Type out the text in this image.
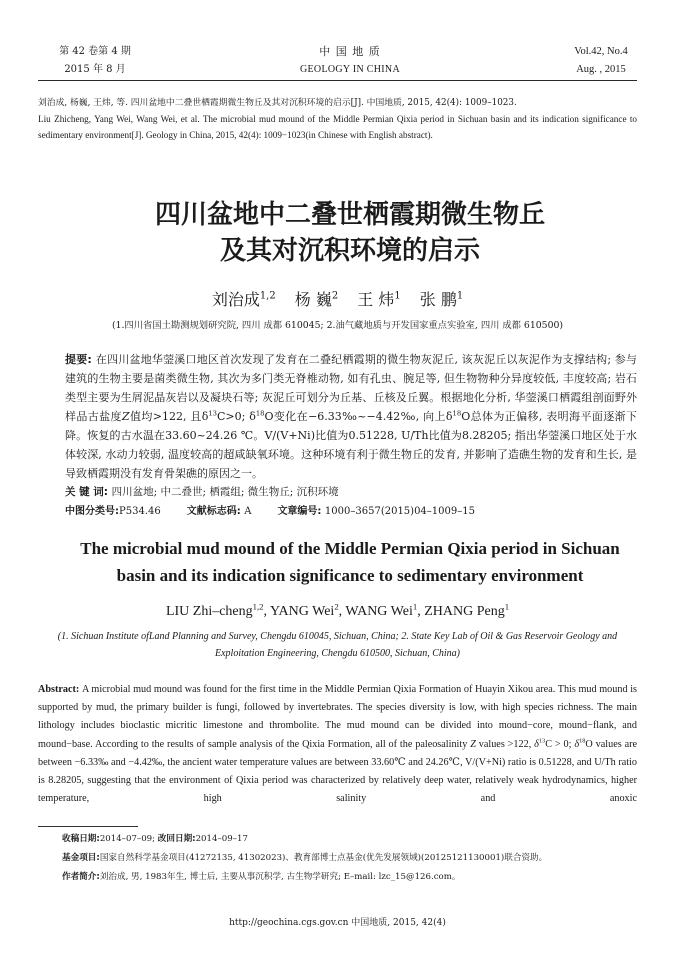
第 42 卷第 4 期
2015 年 8 月
中 国 地 质
GEOLOGY IN CHINA
Vol.42, No.4
Aug. , 2015
刘治成, 杨巍, 王炜, 等. 四川盆地中二叠世栖霞期微生物丘及其对沉积环境的启示[J]. 中国地质, 2015, 42(4): 1009–1023.
Liu Zhicheng, Yang Wei, Wang Wei, et al. The microbial mud mound of the Middle Permian Qixia period in Sichuan basin and its indication significance to sedimentary environment[J]. Geology in China, 2015, 42(4): 1009−1023(in Chinese with English abstract).
四川盆地中二叠世栖霞期微生物丘
及其对沉积环境的启示
刘治成$^{1,2}$ 杨 巍$^2$ 王 炜$^1$ 张 鹏$^1$
(1.四川省国土勘测规划研究院, 四川 成都 610045; 2.油气藏地质与开发国家重点实验室, 四川 成都 610500)
提要: 在四川盆地华蓥溪口地区首次发现了发育在二叠纪栖霞期的微生物灰泥丘, 该灰泥丘以灰泥作为支撑结构; 参与建筑的生物主要是菌类微生物, 其次为多门类无脊椎动物, 如有孔虫、腕足等, 但生物物种分异度较低, 丰度较高; 岩石类型主要为生屑泥晶灰岩以及凝块石等; 灰泥丘可划分为丘基、丘核及丘翼。根据地化分析, 华蓥溪口栖霞组剖面野外样品古盐度Z值均>122, 且$\delta^{13}C>0$; $\delta^{18}O$变化在−6.33‰~−4.42‰, 向上$\delta^{18}O$总体为正偏移, 表明海平面逐渐下降。恢复的古水温在33.60~24.26 ℃。V/(V+Ni)比值为0.51228, U/Th比值为8.28205; 指出华蓥溪口地区处于水体较深, 水动力较弱, 温度较高的超咸缺氧环境。这种环境有利于微生物丘的发育, 并影响了造礁生物的发育和生长, 是导致栖霞期没有发育骨架礁的原因之一。
关 键 词: 四川盆地; 中二叠世; 栖霞组; 微生物丘; 沉积环境
中图分类号:P534.46	文献标志码: A	文章编号: 1000–3657(2015)04–1009–15
The microbial mud mound of the Middle Permian Qixia period in Sichuan
basin and its indication significance to sedimentary environment
LIU Zhi–cheng$^{1,2}$, YANG Wei$^2$, WANG Wei$^1$, ZHANG Peng$^1$
(1. Sichuan Institute ofLand Planning and Survey, Chengdu 610045, Sichuan, China; 2. State Key Lab of Oil & Gas Reservoir Geology and Exploitation Engineering, Chengdu 610500, Sichuan, China)
Abstract: A microbial mud mound was found for the first time in the Middle Permian Qixia Formation of Huayin Xikou area. This mud mound is supported by mud, the primary builder is fungi, followed by invertebrates. The species diversity is low, with high species richness. The main lithology includes bioclastic micritic limestone and thrombolite. The mud mound can be divided into mound−core, mound−flank, and mound−base. According to the results of sample analysis of the Qixia Formation, all of the paleosalinity Z values >122, $\delta^{13}C > 0$; $\delta^{18}O$ values are between −6.33‰ and −4.42‰, the ancient water temperature values are between 33.60℃ and 24.26℃, V/(V+Ni) ratio is 0.51228, and U/Th ratio is 8.28205, suggesting that the environment of Qixia period was characterized by relatively deep water, relatively weak hydrodynamics, higher temperature, high salinity and anoxic
收稿日期:2014–07–09; 改回日期:2014–09–17
基金项目:国家自然科学基金项目(41272135, 41302023)、教育部博士点基金(优先发展领域)(20125121130001)联合资助。
作者简介:刘治成, 男, 1983年生, 博士后, 主要从事沉积学, 古生物学研究; E–mail: lzc_15@126.com。
http://geochina.cgs.gov.cn 中国地质, 2015, 42(4)
